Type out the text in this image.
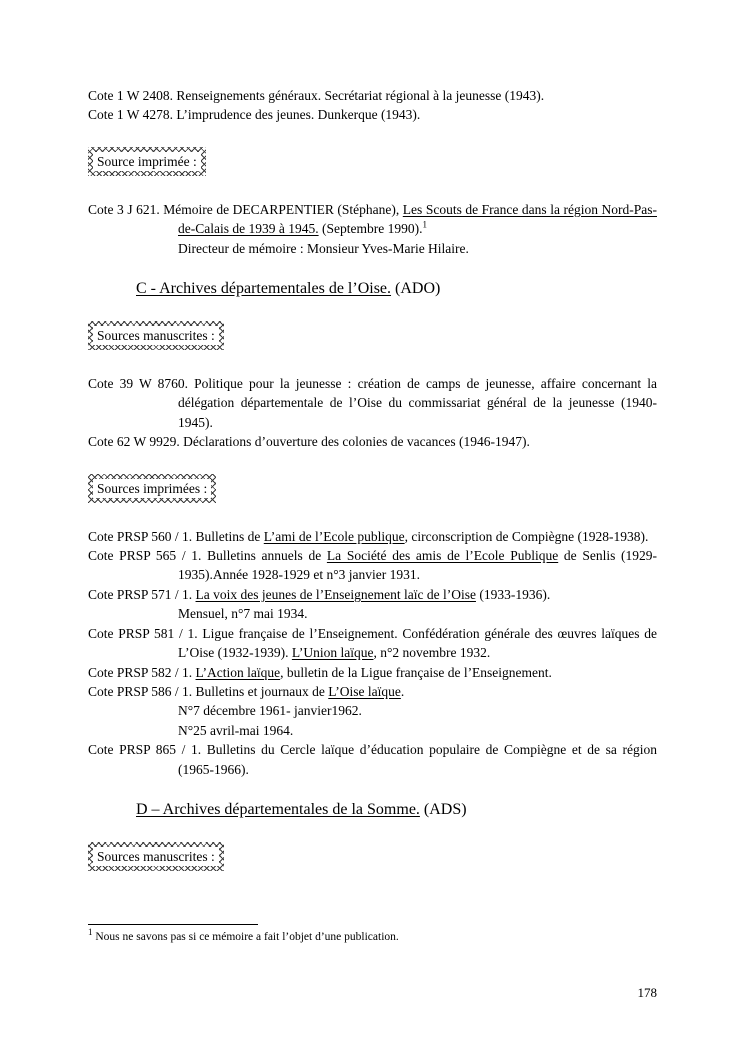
Cote 1 W 2408. Renseignements généraux. Secrétariat régional à la jeunesse (1943).

Cote 1 W 4278. L’imprudence des jeunes. Dunkerque (1943).

Source imprimée :

Cote 3 J 621. Mémoire de DECARPENTIER (Stéphane), Les Scouts de France dans la région Nord-Pas-de-Calais de 1939 à 1945. (Septembre 1990).$^1$

Directeur de mémoire : Monsieur Yves-Marie Hilaire.

C - Archives départementales de l’Oise. (ADO)

Sources manuscrites :

Cote 39 W 8760. Politique pour la jeunesse : création de camps de jeunesse, affaire concernant la délégation départementale de l’Oise du commissariat général de la jeunesse (1940-1945).

Cote 62 W 9929. Déclarations d’ouverture des colonies de vacances (1946-1947).

Sources imprimées :

Cote PRSP 560 / 1. Bulletins de L’ami de l’Ecole publique, circonscription de Compiègne (1928-1938).

Cote PRSP 565 / 1. Bulletins annuels de La Société des amis de l’Ecole Publique de Senlis (1929-1935).Année 1928-1929 et n°3 janvier 1931.

Cote PRSP 571 / 1. La voix des jeunes de l’Enseignement laïc de l’Oise (1933-1936).

Mensuel, n°7 mai 1934.

Cote PRSP 581 / 1. Ligue française de l’Enseignement. Confédération générale des œuvres laïques de L’Oise (1932-1939). L’Union laïque, n°2 novembre 1932.

Cote PRSP 582 / 1. L’Action laïque, bulletin de la Ligue française de l’Enseignement.

Cote PRSP 586 / 1. Bulletins et journaux de L’Oise laïque.

N°7 décembre 1961- janvier1962.

N°25 avril-mai 1964.

Cote PRSP 865 / 1. Bulletins du Cercle laïque d’éducation populaire de Compiègne et de sa région (1965-1966).

D – Archives départementales de la Somme. (ADS)

Sources manuscrites :

$^1$ Nous ne savons pas si ce mémoire a fait l’objet d’une publication.

178
